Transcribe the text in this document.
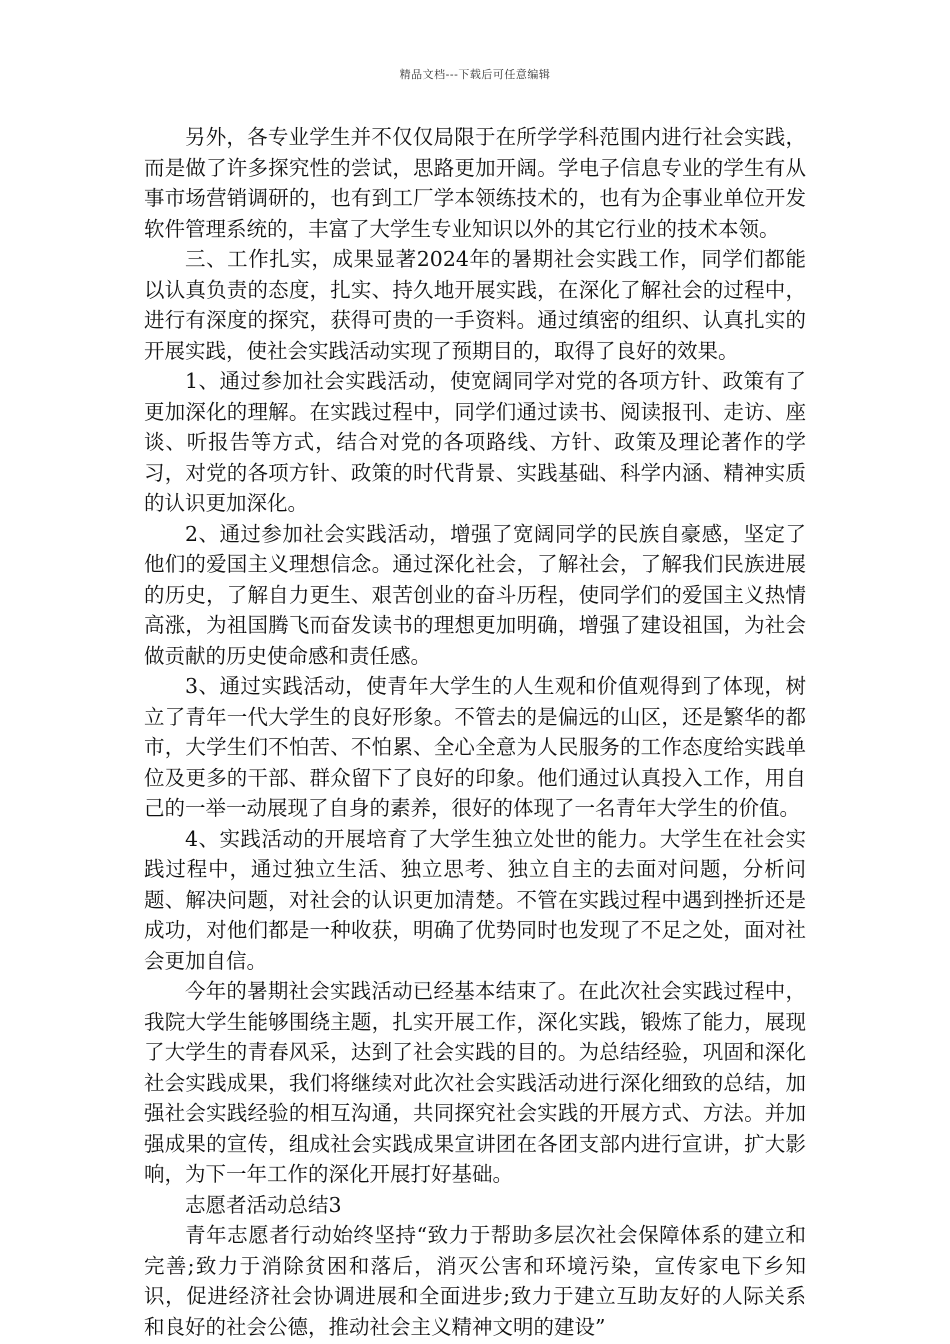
精品文档---下载后可任意编辑

另外，各专业学生并不仅仅局限于在所学学科范围内进行社会实践，而是做了许多探究性的尝试，思路更加开阔。学电子信息专业的学生有从事市场营销调研的，也有到工厂学本领练技术的，也有为企事业单位开发软件管理系统的，丰富了大学生专业知识以外的其它行业的技术本领。

三、工作扎实，成果显著2024年的暑期社会实践工作，同学们都能以认真负责的态度，扎实、持久地开展实践，在深化了解社会的过程中，进行有深度的探究，获得可贵的一手资料。通过缜密的组织、认真扎实的开展实践，使社会实践活动实现了预期目的，取得了良好的效果。

1、通过参加社会实践活动，使宽阔同学对党的各项方针、政策有了更加深化的理解。在实践过程中，同学们通过读书、阅读报刊、走访、座谈、听报告等方式，结合对党的各项路线、方针、政策及理论著作的学习，对党的各项方针、政策的时代背景、实践基础、科学内涵、精神实质的认识更加深化。

2、通过参加社会实践活动，增强了宽阔同学的民族自豪感，坚定了他们的爱国主义理想信念。通过深化社会，了解社会，了解我们民族进展的历史，了解自力更生、艰苦创业的奋斗历程，使同学们的爱国主义热情高涨，为祖国腾飞而奋发读书的理想更加明确，增强了建设祖国，为社会做贡献的历史使命感和责任感。

3、通过实践活动，使青年大学生的人生观和价值观得到了体现，树立了青年一代大学生的良好形象。不管去的是偏远的山区，还是繁华的都市，大学生们不怕苦、不怕累、全心全意为人民服务的工作态度给实践单位及更多的干部、群众留下了良好的印象。他们通过认真投入工作，用自己的一举一动展现了自身的素养，很好的体现了一名青年大学生的价值。

4、实践活动的开展培育了大学生独立处世的能力。大学生在社会实践过程中，通过独立生活、独立思考、独立自主的去面对问题，分析问题、解决问题，对社会的认识更加清楚。不管在实践过程中遇到挫折还是成功，对他们都是一种收获，明确了优势同时也发现了不足之处，面对社会更加自信。

今年的暑期社会实践活动已经基本结束了。在此次社会实践过程中，我院大学生能够围绕主题，扎实开展工作，深化实践，锻炼了能力，展现了大学生的青春风采，达到了社会实践的目的。为总结经验，巩固和深化社会实践成果，我们将继续对此次社会实践活动进行深化细致的总结，加强社会实践经验的相互沟通，共同探究社会实践的开展方式、方法。并加强成果的宣传，组成社会实践成果宣讲团在各团支部内进行宣讲，扩大影响，为下一年工作的深化开展打好基础。

志愿者活动总结3

青年志愿者行动始终坚持“致力于帮助多层次社会保障体系的建立和完善;致力于消除贫困和落后，消灭公害和环境污染，宣传家电下乡知识，促进经济社会协调进展和全面进步;致力于建立互助友好的人际关系和良好的社会公德，推动社会主义精神文明的建设”
